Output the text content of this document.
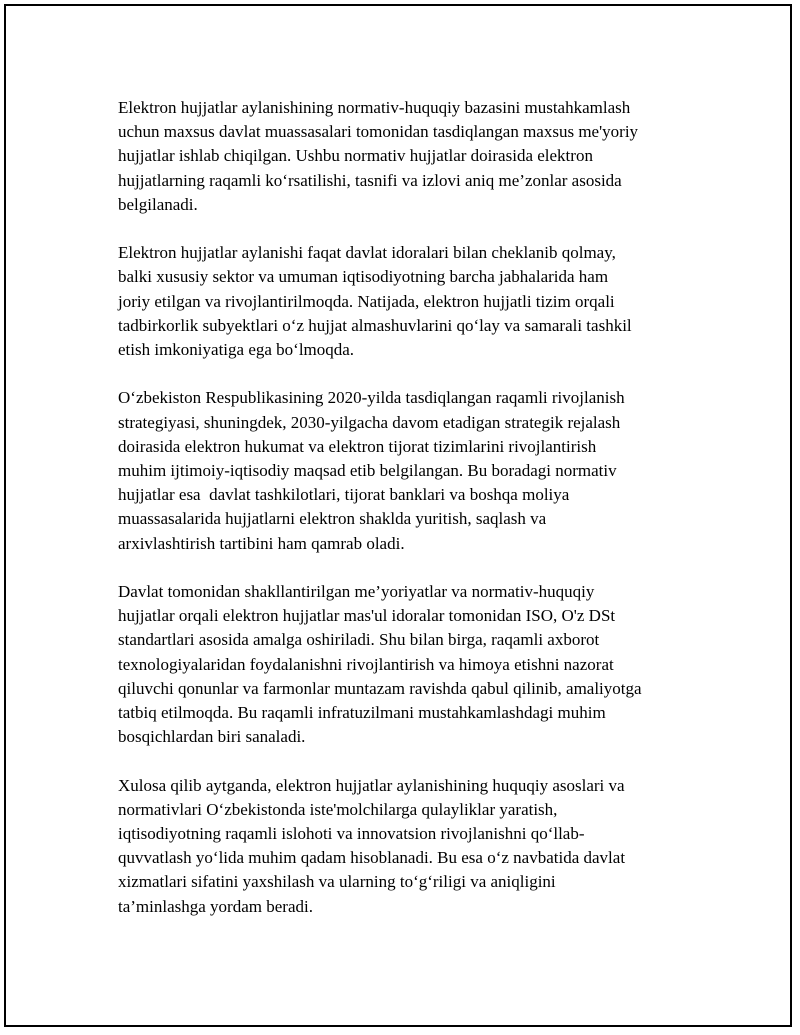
Elektron hujjatlar aylanishining normativ-huquqiy bazasini mustahkamlash
uchun maxsus davlat muassasalari tomonidan tasdiqlangan maxsus me'yoriy
hujjatlar ishlab chiqilgan. Ushbu normativ hujjatlar doirasida elektron
hujjatlarning raqamli koʻrsatilishi, tasnifi va izlovi aniq me’zonlar asosida
belgilanadi.

Elektron hujjatlar aylanishi faqat davlat idoralari bilan cheklanib qolmay,
balki xususiy sektor va umuman iqtisodiyotning barcha jabhalarida ham
joriy etilgan va rivojlantirilmoqda. Natijada, elektron hujjatli tizim orqali
tadbirkorlik subyektlari oʻz hujjat almashuvlarini qoʻlay va samarali tashkil
etish imkoniyatiga ega boʻlmoqda.

Oʻzbekiston Respublikasining 2020-yilda tasdiqlangan raqamli rivojlanish
strategiyasi, shuningdek, 2030-yilgacha davom etadigan strategik rejalash
doirasida elektron hukumat va elektron tijorat tizimlarini rivojlantirish
muhim ijtimoiy-iqtisodiy maqsad etib belgilangan. Bu boradagi normativ
hujjatlar esa  davlat tashkilotlari, tijorat banklari va boshqa moliya
muassasalarida hujjatlarni elektron shaklda yuritish, saqlash va
arxivlashtirish tartibini ham qamrab oladi.

Davlat tomonidan shakllantirilgan me’yoriyatlar va normativ-huquqiy
hujjatlar orqali elektron hujjatlar mas'ul idoralar tomonidan ISO, O'z DSt
standartlari asosida amalga oshiriladi. Shu bilan birga, raqamli axborot
texnologiyalaridan foydalanishni rivojlantirish va himoya etishni nazorat
qiluvchi qonunlar va farmonlar muntazam ravishda qabul qilinib, amaliyotga
tatbiq etilmoqda. Bu raqamli infratuzilmani mustahkamlashdagi muhim
bosqichlardan biri sanaladi.

Xulosa qilib aytganda, elektron hujjatlar aylanishining huquqiy asoslari va
normativlari Oʻzbekistonda iste'molchilarga qulayliklar yaratish,
iqtisodiyotning raqamli islohoti va innovatsion rivojlanishni qoʻllab-
quvvatlash yoʻlida muhim qadam hisoblanadi. Bu esa oʻz navbatida davlat
xizmatlari sifatini yaxshilash va ularning toʻgʻriligi va aniqligini
ta’minlashga yordam beradi.
